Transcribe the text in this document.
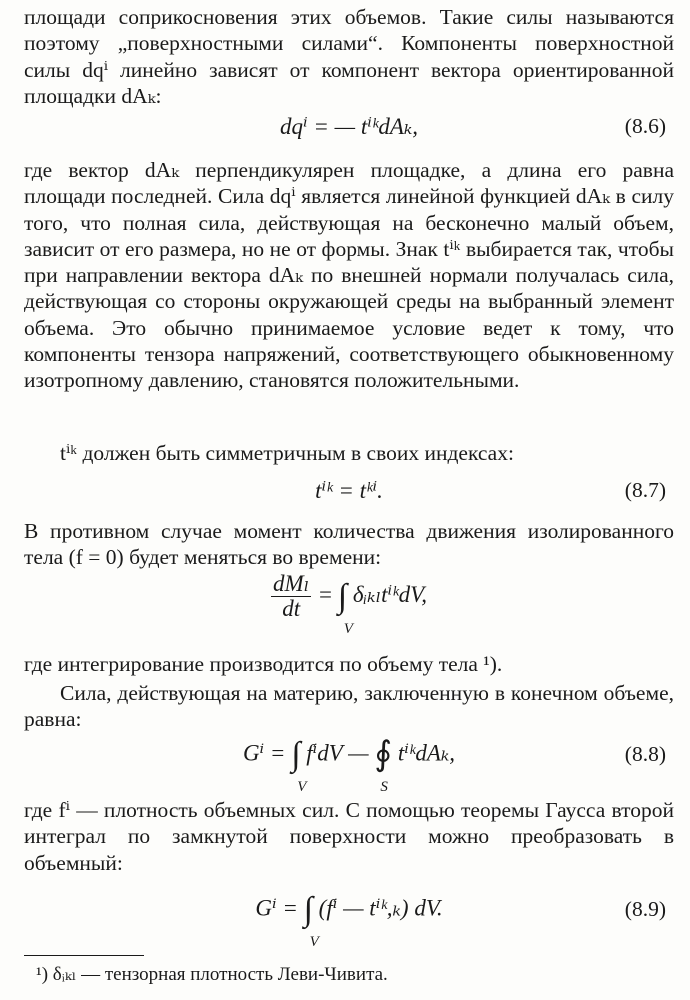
площади соприкосновения этих объемов. Такие силы называются поэтому „поверхностными силами“. Компоненты поверхностной силы dqⁱ линейно зависят от компонент вектора ориентированной площадки dAₖ:
dqⁱ = — tⁱᵏdAₖ,	(8.6)
где вектор dAₖ перпендикулярен площадке, а длина его равна площади последней. Сила dqⁱ является линейной функцией dAₖ в силу того, что полная сила, действующая на бесконечно малый объем, зависит от его размера, но не от формы. Знак tⁱᵏ выбирается так, чтобы при направлении вектора dAₖ по внешней нормали получалась сила, действующая со стороны окружающей среды на выбранный элемент объема. Это обычно принимаемое условие ведет к тому, что компоненты тензора напряжений, соответствующего обыкновенному изотропному давлению, становятся положительными.
tⁱᵏ должен быть симметричным в своих индексах:
tⁱᵏ = tᵏⁱ.	(8.7)
В противном случае момент количества движения изолированного тела (f = 0) будет меняться во времени:
$\frac{\text{dMₗ}}{dt}$ = ∫
V
δᵢₖₗtⁱᵏdV,
где интегрирование производится по объему тела ¹).
Сила, действующая на материю, заключенную в конечном объеме, равна:
Gⁱ = ∫
V
fⁱdV — ∮
S
tⁱᵏdAₖ,	(8.8)
где fⁱ — плотность объемных сил. С помощью теоремы Гаусса второй интеграл по замкнутой поверхности можно преобразовать в объемный:
Gⁱ = ∫
V
(fⁱ — tⁱᵏ,ₖ) dV.	(8.9)
¹) δᵢₖₗ — тензорная плотность Леви-Чивита.
